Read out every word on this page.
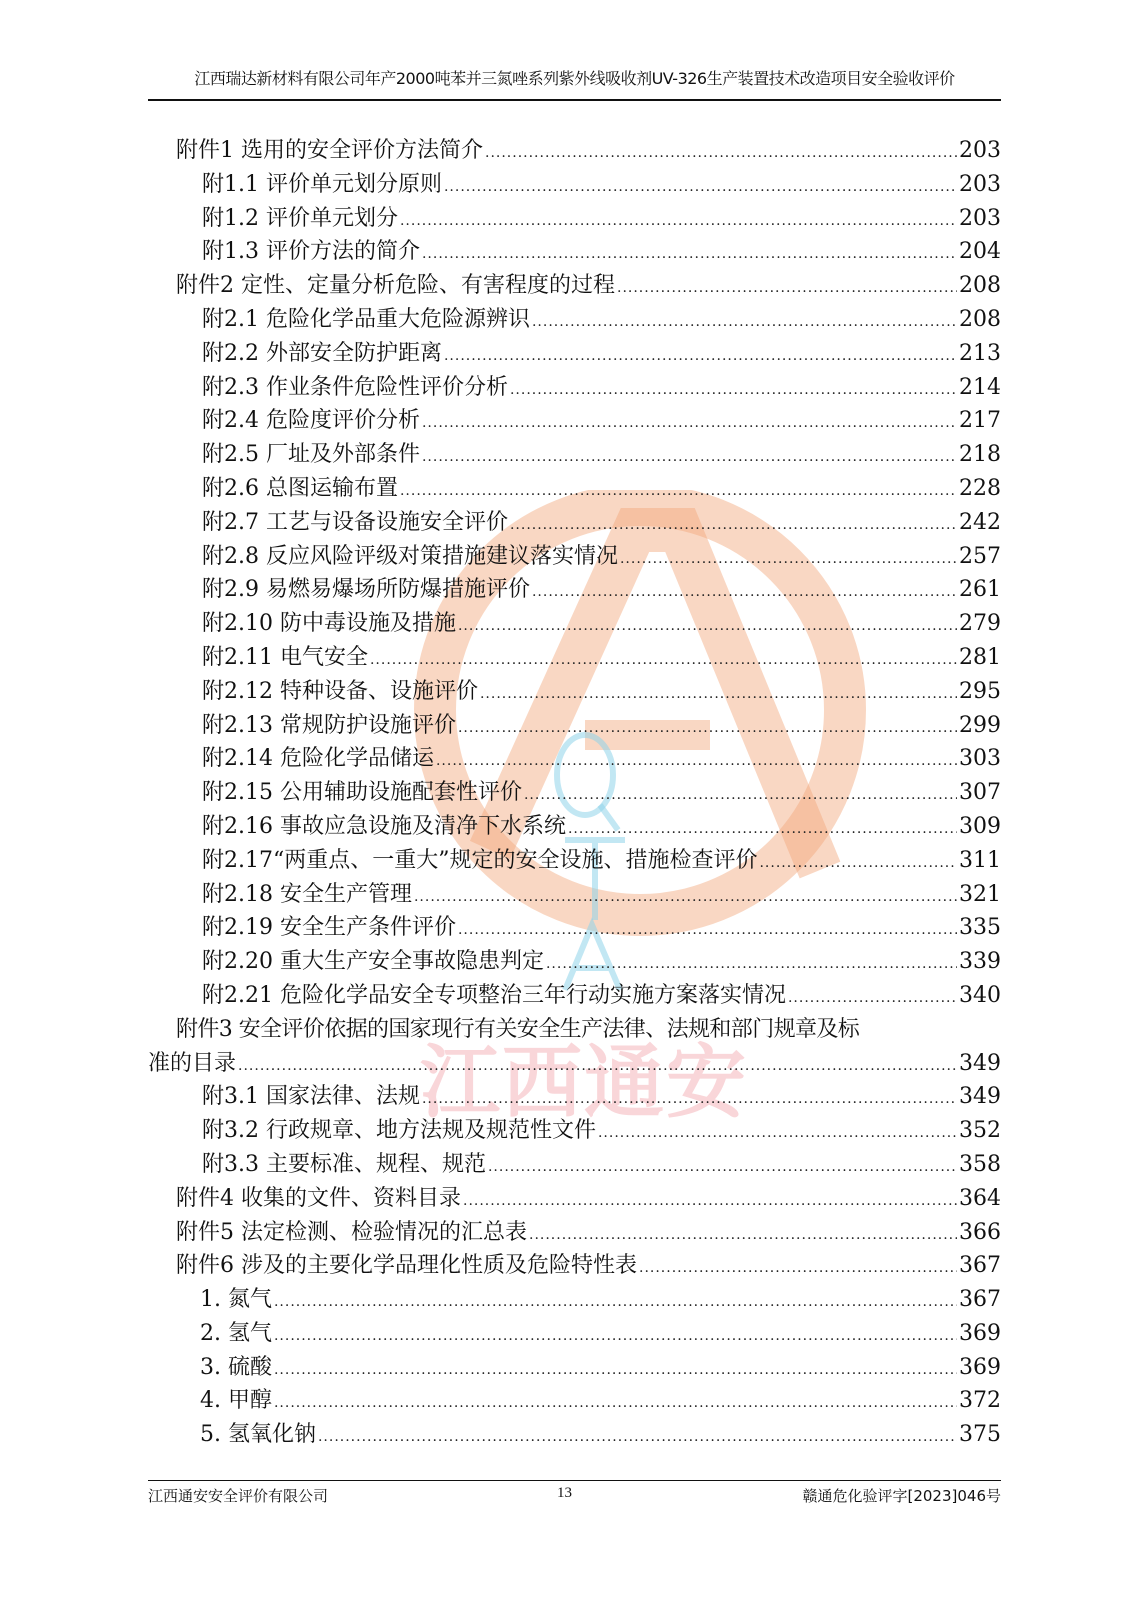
江西瑞达新材料有限公司年产2000吨苯并三氮唑系列紫外线吸收剂UV-326生产装置技术改造项目安全验收评价
江西通安
附件1 选用的安全评价方法简介 .....	203
附1.1 评价单元划分原则 .....	203
附1.2 评价单元划分 .....	203
附1.3 评价方法的简介 .....	204
附件2 定性、定量分析危险、有害程度的过程 .....	208
附2.1 危险化学品重大危险源辨识 .....	208
附2.2 外部安全防护距离 .....	213
附2.3 作业条件危险性评价分析 .....	214
附2.4 危险度评价分析 .....	217
附2.5 厂址及外部条件 .....	218
附2.6 总图运输布置 .....	228
附2.7 工艺与设备设施安全评价 .....	242
附2.8 反应风险评级对策措施建议落实情况 .....	257
附2.9 易燃易爆场所防爆措施评价 .....	261
附2.10 防中毒设施及措施 .....	279
附2.11 电气安全 .....	281
附2.12 特种设备、设施评价 .....	295
附2.13 常规防护设施评价 .....	299
附2.14 危险化学品储运 .....	303
附2.15 公用辅助设施配套性评价 .....	307
附2.16 事故应急设施及清净下水系统 .....	309
附2.17“两重点、一重大”规定的安全设施、措施检查评价 .....	311
附2.18 安全生产管理 .....	321
附2.19 安全生产条件评价 .....	335
附2.20 重大生产安全事故隐患判定 .....	339
附2.21 危险化学品安全专项整治三年行动实施方案落实情况 .....	340
附件3 安全评价依据的国家现行有关安全生产法律、法规和部门规章及标
准的目录 .....	349
附3.1 国家法律、法规 .....	349
附3.2 行政规章、地方法规及规范性文件 .....	352
附3.3 主要标准、规程、规范 .....	358
附件4 收集的文件、资料目录 .....	364
附件5 法定检测、检验情况的汇总表 .....	366
附件6 涉及的主要化学品理化性质及危险特性表 .....	367
1. 氮气 .....	367
2. 氢气 .....	369
3. 硫酸 .....	369
4. 甲醇 .....	372
5. 氢氧化钠 .....	375
江西通安安全评价有限公司	13	赣通危化验评字[2023]046号
